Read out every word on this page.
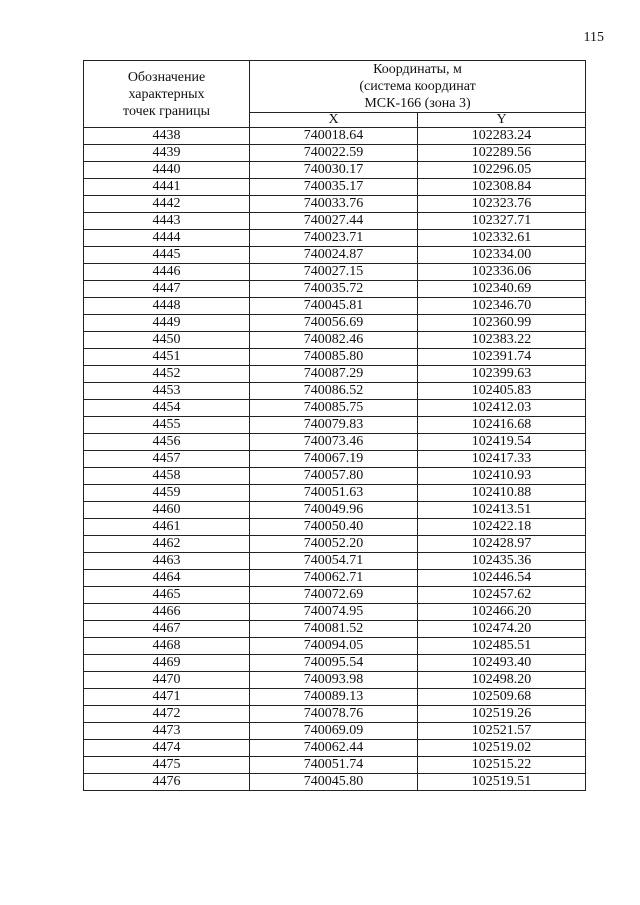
115
Обозначение
характерных
точек границы	Координаты, м
(система координат
МСК-166 (зона 3)	

	X	Y
4438	740018.64	102283.24
4439	740022.59	102289.56
4440	740030.17	102296.05
4441	740035.17	102308.84
4442	740033.76	102323.76
4443	740027.44	102327.71
4444	740023.71	102332.61
4445	740024.87	102334.00
4446	740027.15	102336.06
4447	740035.72	102340.69
4448	740045.81	102346.70
4449	740056.69	102360.99
4450	740082.46	102383.22
4451	740085.80	102391.74
4452	740087.29	102399.63
4453	740086.52	102405.83
4454	740085.75	102412.03
4455	740079.83	102416.68
4456	740073.46	102419.54
4457	740067.19	102417.33
4458	740057.80	102410.93
4459	740051.63	102410.88
4460	740049.96	102413.51
4461	740050.40	102422.18
4462	740052.20	102428.97
4463	740054.71	102435.36
4464	740062.71	102446.54
4465	740072.69	102457.62
4466	740074.95	102466.20
4467	740081.52	102474.20
4468	740094.05	102485.51
4469	740095.54	102493.40
4470	740093.98	102498.20
4471	740089.13	102509.68
4472	740078.76	102519.26
4473	740069.09	102521.57
4474	740062.44	102519.02
4475	740051.74	102515.22
4476	740045.80	102519.51
